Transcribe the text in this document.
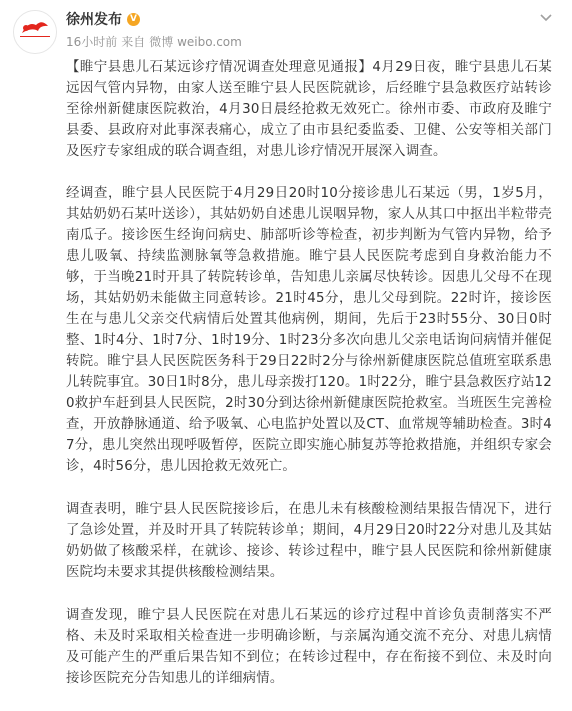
徐州发布 V
16小时前 来自 微博 weibo.com

【睢宁县患儿石某远诊疗情况调查处理意见通报】4月29日夜，睢宁县患儿石某远因气管内异物，由家人送至睢宁县人民医院就诊，后经睢宁县急救医疗站转诊至徐州新健康医院救治，4月30日晨经抢救无效死亡。徐州市委、市政府及睢宁县委、县政府对此事深表痛心，成立了由市县纪委监委、卫健、公安等相关部门及医疗专家组成的联合调查组，对患儿诊疗情况开展深入调查。

经调查，睢宁县人民医院于4月29日20时10分接诊患儿石某远（男，1岁5月，其姑奶奶石某叶送诊），其姑奶奶自述患儿误咽异物，家人从其口中抠出半粒带壳南瓜子。接诊医生经询问病史、肺部听诊等检查，初步判断为气管内异物，给予患儿吸氧、持续监测脉氧等急救措施。睢宁县人民医院考虑到自身救治能力不够，于当晚21时开具了转院转诊单，告知患儿亲属尽快转诊。因患儿父母不在现场，其姑奶奶未能做主同意转诊。21时45分，患儿父母到院。22时许，接诊医生在与患儿父亲交代病情后处置其他病例，期间，先后于23时55分、30日0时整、1时4分、1时7分、1时19分、1时23分多次向患儿父亲电话询问病情并催促转院。睢宁县人民医院医务科于29日22时2分与徐州新健康医院总值班室联系患儿转院事宜。30日1时8分，患儿母亲拨打120。1时22分，睢宁县急救医疗站120救护车赶到县人民医院，2时30分到达徐州新健康医院抢救室。当班医生完善检查，开放静脉通道、给予吸氧、心电监护处置以及CT、血常规等辅助检查。3时47分，患儿突然出现呼吸暂停，医院立即实施心肺复苏等抢救措施，并组织专家会诊，4时56分，患儿因抢救无效死亡。

调查表明，睢宁县人民医院接诊后，在患儿未有核酸检测结果报告情况下，进行了急诊处置，并及时开具了转院转诊单；期间，4月29日20时22分对患儿及其姑奶奶做了核酸采样，在就诊、接诊、转诊过程中，睢宁县人民医院和徐州新健康医院均未要求其提供核酸检测结果。

调查发现，睢宁县人民医院在对患儿石某远的诊疗过程中首诊负责制落实不严格、未及时采取相关检查进一步明确诊断，与亲属沟通交流不充分、对患儿病情及可能产生的严重后果告知不到位；在转诊过程中，存在衔接不到位、未及时向接诊医院充分告知患儿的详细病情。
